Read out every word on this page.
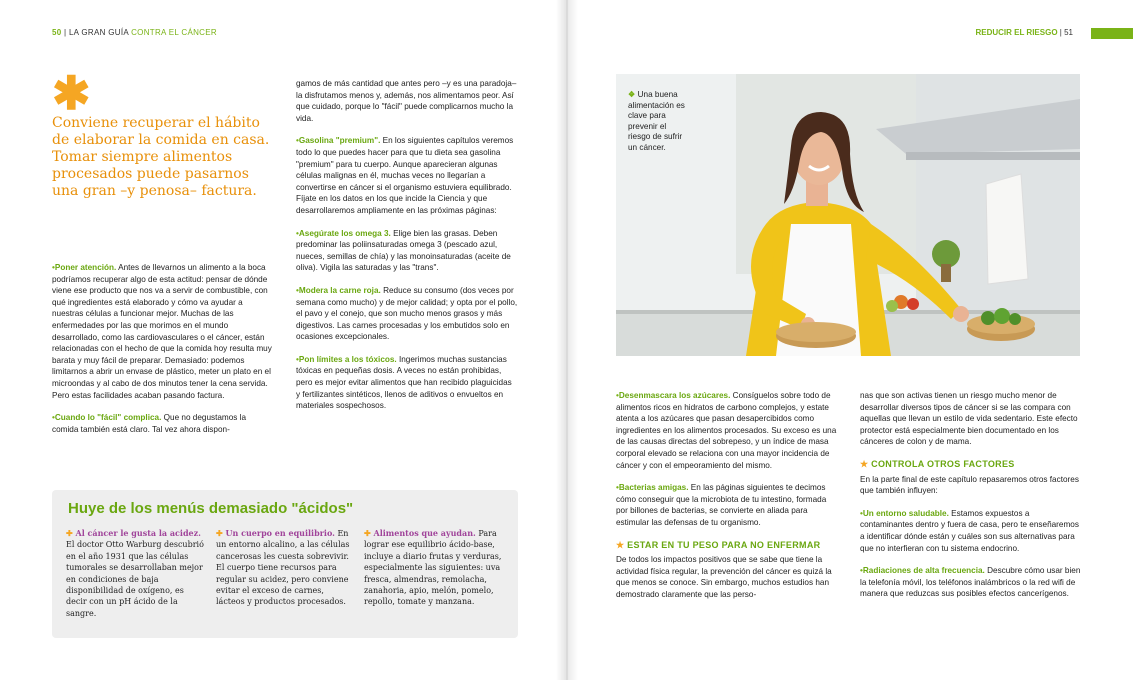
50 | LA GRAN GUÍA CONTRA EL CÁNCER
✱
Conviene recuperar el hábito de elaborar la comida en casa. Tomar siempre alimentos procesados puede pasarnos una gran –y penosa– factura.

•Poner atención. Antes de llevarnos un alimento a la boca podríamos recuperar algo de esta actitud: pensar de dónde viene ese producto que nos va a servir de combustible, con qué ingredientes está elaborado y cómo va ayudar a nuestras células a funcionar mejor. Muchas de las enfermedades por las que morimos en el mundo desarrollado, como las cardiovasculares o el cáncer, están relacionadas con el hecho de que la comida hoy resulta muy barata y muy fácil de preparar. Demasiado: podemos limitarnos a abrir un envase de plástico, meter un plato en el microondas y al cabo de dos minutos tener la cena servida. Pero estas facilidades acaban pasando factura.

•Cuando lo "fácil" complica. Que no degustamos la comida también está claro. Tal vez ahora dispon-

gamos de más cantidad que antes pero –y es una paradoja– la disfrutamos menos y, además, nos alimentamos peor. Así que cuidado, porque lo "fácil" puede complicarnos mucho la vida.

•Gasolina "premium". En los siguientes capítulos veremos todo lo que puedes hacer para que tu dieta sea gasolina "premium" para tu cuerpo. Aunque aparecieran algunas células malignas en él, muchas veces no llegarían a convertirse en cáncer si el organismo estuviera equilibrado. Fíjate en los datos en los que incide la Ciencia y que desarrollaremos ampliamente en las próximas páginas:

•Asegúrate los omega 3. Elige bien las grasas. Deben predominar las poliinsaturadas omega 3 (pescado azul, nueces, semillas de chía) y las monoinsaturadas (aceite de oliva). Vigila las saturadas y las "trans".

•Modera la carne roja. Reduce su consumo (dos veces por semana como mucho) y de mejor calidad; y opta por el pollo, el pavo y el conejo, que son mucho menos grasos y más digestivos. Las carnes procesadas y los embutidos solo en ocasiones excepcionales.

•Pon límites a los tóxicos. Ingerimos muchas sustancias tóxicas en pequeñas dosis. A veces no están prohibidas, pero es mejor evitar alimentos que han recibido plaguicidas y fertilizantes sintéticos, llenos de aditivos o envueltos en materiales sospechosos.

Huye de los menús demasiado "ácidos"
✚ Al cáncer le gusta la acidez. El doctor Otto Warburg descubrió en el año 1931 que las células tumorales se desarrollaban mejor en condiciones de baja disponibilidad de oxígeno, es decir con un pH ácido de la sangre.
✚ Un cuerpo en equilibrio. En un entorno alcalino, a las células cancerosas les cuesta sobrevivir. El cuerpo tiene recursos para regular su acidez, pero conviene evitar el exceso de carnes, lácteos y productos procesados.
✚ Alimentos que ayudan. Para lograr ese equilibrio ácido-base, incluye a diario frutas y verduras, especialmente las siguientes: uva fresca, almendras, remolacha, zanahoria, apio, melón, pomelo, repollo, tomate y manzana.
REDUCIR EL RIESGO | 51
❖ Una buena alimentación es clave para prevenir el riesgo de sufrir un cáncer.

•Desenmascara los azúcares. Consíguelos sobre todo de alimentos ricos en hidratos de carbono complejos, y estate atenta a los azúcares que pasan desapercibidos como ingredientes en los alimentos procesados. Su exceso es una de las causas directas del sobrepeso, y un índice de masa corporal elevado se relaciona con una mayor incidencia de cáncer y con el empeoramiento del mismo.

•Bacterias amigas. En las páginas siguientes te decimos cómo conseguir que la microbiota de tu intestino, formada por billones de bacterias, se convierte en aliada para estimular las defensas de tu organismo.

★ ESTAR EN TU PESO PARA NO ENFERMAR

De todos los impactos positivos que se sabe que tiene la actividad física regular, la prevención del cáncer es quizá la que menos se conoce. Sin embargo, muchos estudios han demostrado claramente que las perso-

nas que son activas tienen un riesgo mucho menor de desarrollar diversos tipos de cáncer si se las compara con aquellas que llevan un estilo de vida sedentario. Este efecto protector está especialmente bien documentado en los cánceres de colon y de mama.

★ CONTROLA OTROS FACTORES

En la parte final de este capítulo repasaremos otros factores que también influyen:

•Un entorno saludable. Estamos expuestos a contaminantes dentro y fuera de casa, pero te enseñaremos a identificar dónde están y cuáles son sus alternativas para que no interfieran con tu sistema endocrino.

•Radiaciones de alta frecuencia. Descubre cómo usar bien la telefonía móvil, los teléfonos inalámbricos o la red wifi de manera que reduzcas sus posibles efectos cancerígenos.
